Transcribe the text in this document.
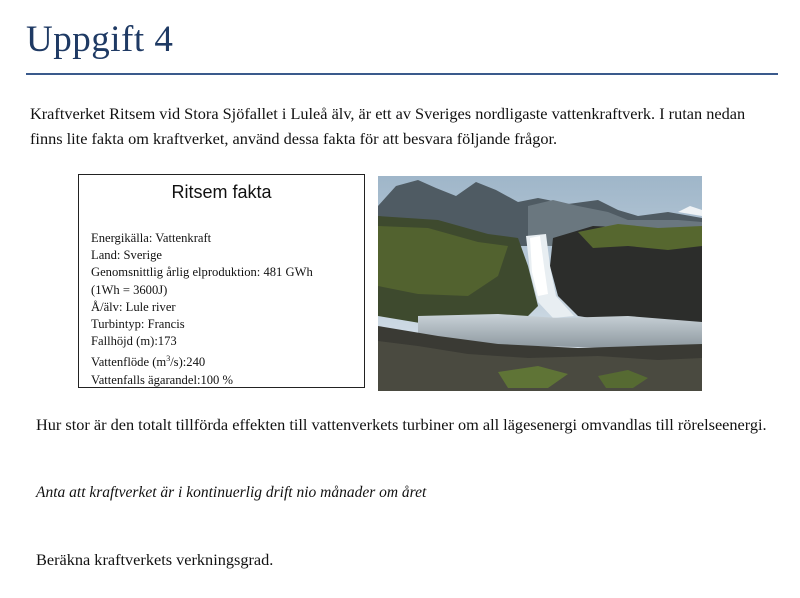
Uppgift 4

Kraftverket Ritsem vid Stora Sjöfallet i Luleå älv, är ett av Sveriges nordligaste vattenkraftverk. I rutan nedan finns lite fakta om kraftverket, använd dessa fakta för att besvara följande frågor.

Ritsem fakta
Energikälla: Vattenkraft
Land: Sverige
Genomsnittlig årlig elproduktion: 481 GWh
(1Wh = 3600J)
Å/älv: Lule river
Turbintyp: Francis
Fallhöjd (m):173
Vattenflöde $(m^3/s):240$
Vattenfalls ägarandel:100 %

Hur stor är den totalt tillförda effekten till vattenverkets turbiner om all lägesenergi omvandlas till rörelseenergi.

Anta att kraftverket är i kontinuerlig drift nio månader om året
Beräkna kraftverkets verkningsgrad.
